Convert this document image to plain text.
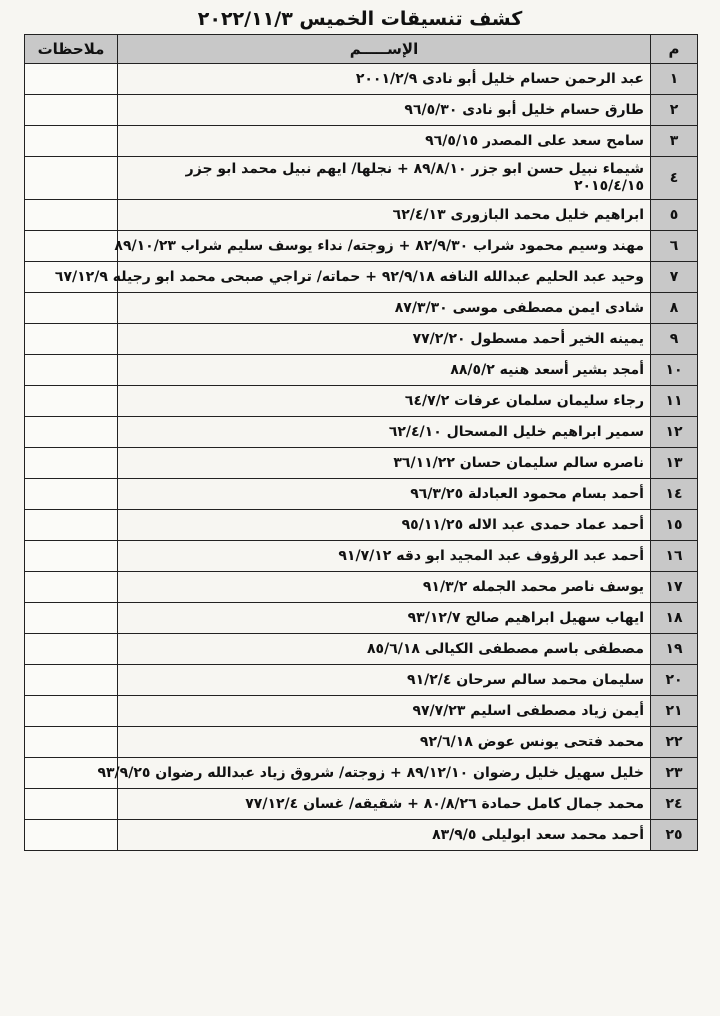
كشف تنسيقات الخميس ٢٠٢٢/١١/٣
م	الإســـــم	ملاحظات
١	عبد الرحمن حسام خليل أبو نادى ٢٠٠١/٢/٩	
٢	طارق حسام خليل أبو نادى ٩٦/٥/٣٠	
٣	سامح سعد على المصدر ٩٦/٥/١٥	
٤	شيماء نبيل حسن ابو جزر ٨٩/٨/١٠ + نجلها/ ايهم نبيل محمد ابو جزر ٢٠١٥/٤/١٥	
٥	ابراهيم خليل محمد البازورى ٦٢/٤/١٣	
٦	مهند وسيم محمود شراب ٨٢/٩/٣٠ + زوجته/ نداء يوسف سليم شراب ٨٩/١٠/٢٣	
٧	وحيد عبد الحليم عبدالله النافه ٩٢/٩/١٨ + حماته/ تراجي صبحى محمد ابو رجيله ٦٧/١٢/٩	
٨	شادى ايمن مصطفى موسى ٨٧/٣/٣٠	
٩	يمينه الخير أحمد مسطول ٧٧/٢/٢٠	
١٠	أمجد بشير أسعد هنيه ٨٨/٥/٢	
١١	رجاء سليمان سلمان عرفات ٦٤/٧/٢	
١٢	سمير ابراهيم خليل المسحال ٦٢/٤/١٠	
١٣	ناصره سالم سليمان حسان ٣٦/١١/٢٢	
١٤	أحمد بسام محمود العبادلة ٩٦/٣/٢٥	
١٥	أحمد عماد حمدى عبد الاله ٩٥/١١/٢٥	
١٦	أحمد عبد الرؤوف عبد المجيد ابو دقه ٩١/٧/١٢	
١٧	يوسف ناصر محمد الجمله ٩١/٣/٢	
١٨	ايهاب سهيل ابراهيم صالح ٩٣/١٢/٧	
١٩	مصطفى باسم مصطفى الكيالى ٨٥/٦/١٨	
٢٠	سليمان محمد سالم سرحان ٩١/٢/٤	
٢١	أيمن زياد مصطفى اسليم ٩٧/٧/٢٣	
٢٢	محمد فتحى يونس عوض ٩٢/٦/١٨	
٢٣	خليل سهيل خليل رضوان ٨٩/١٢/١٠ + زوجته/ شروق زياد عبدالله رضوان ٩٣/٩/٢٥	
٢٤	محمد جمال كامل حمادة ٨٠/٨/٢٦ + شقيقه/ غسان ٧٧/١٢/٤	
٢٥	أحمد محمد سعد ابوليلى ٨٣/٩/٥	
